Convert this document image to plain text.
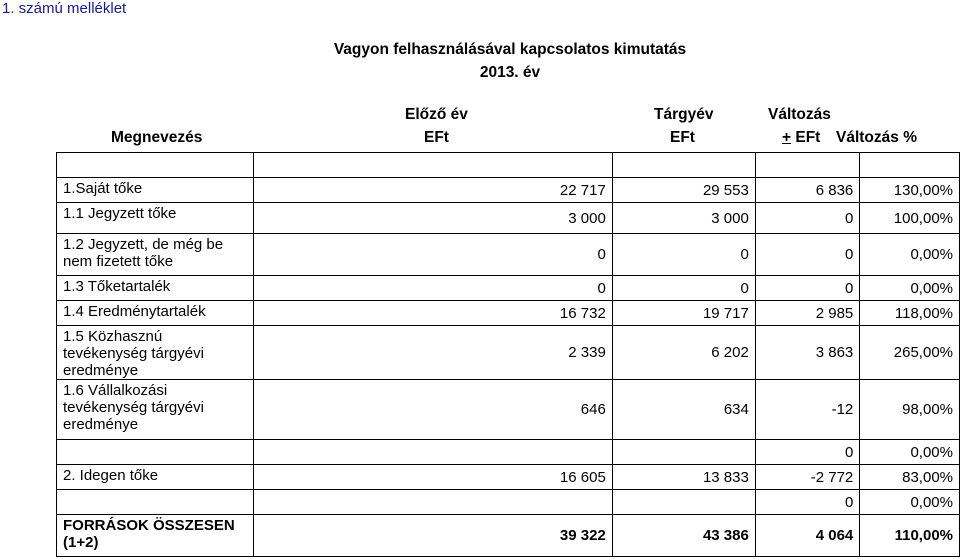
1. számú melléklet
Vagyon felhasználásával kapcsolatos kimutatás
2013. év
Előző év	Tárgyév	Változás
Megnevezés	EFt	EFt	+ EFt Változás %

1.Saját tőke	22 717	29 553	6 836	130,00%
1.1 Jegyzett tőke	3 000	3 000	0	100,00%
1.2 Jegyzett, de még be nem fizetett tőke	0	0	0	0,00%
1.3 Tőketartalék	0	0	0	0,00%
1.4 Eredménytartalék	16 732	19 717	2 985	118,00%
1.5 Közhasznú tevékenység tárgyévi eredménye	2 339	6 202	3 863	265,00%
1.6 Vállalkozási tevékenység tárgyévi eredménye	646	634	-12	98,00%
			0	0,00%
2. Idegen tőke	16 605	13 833	-2 772	83,00%
			0	0,00%
FORRÁSOK ÖSSZESEN (1+2)	39 322	43 386	4 064	110,00%
